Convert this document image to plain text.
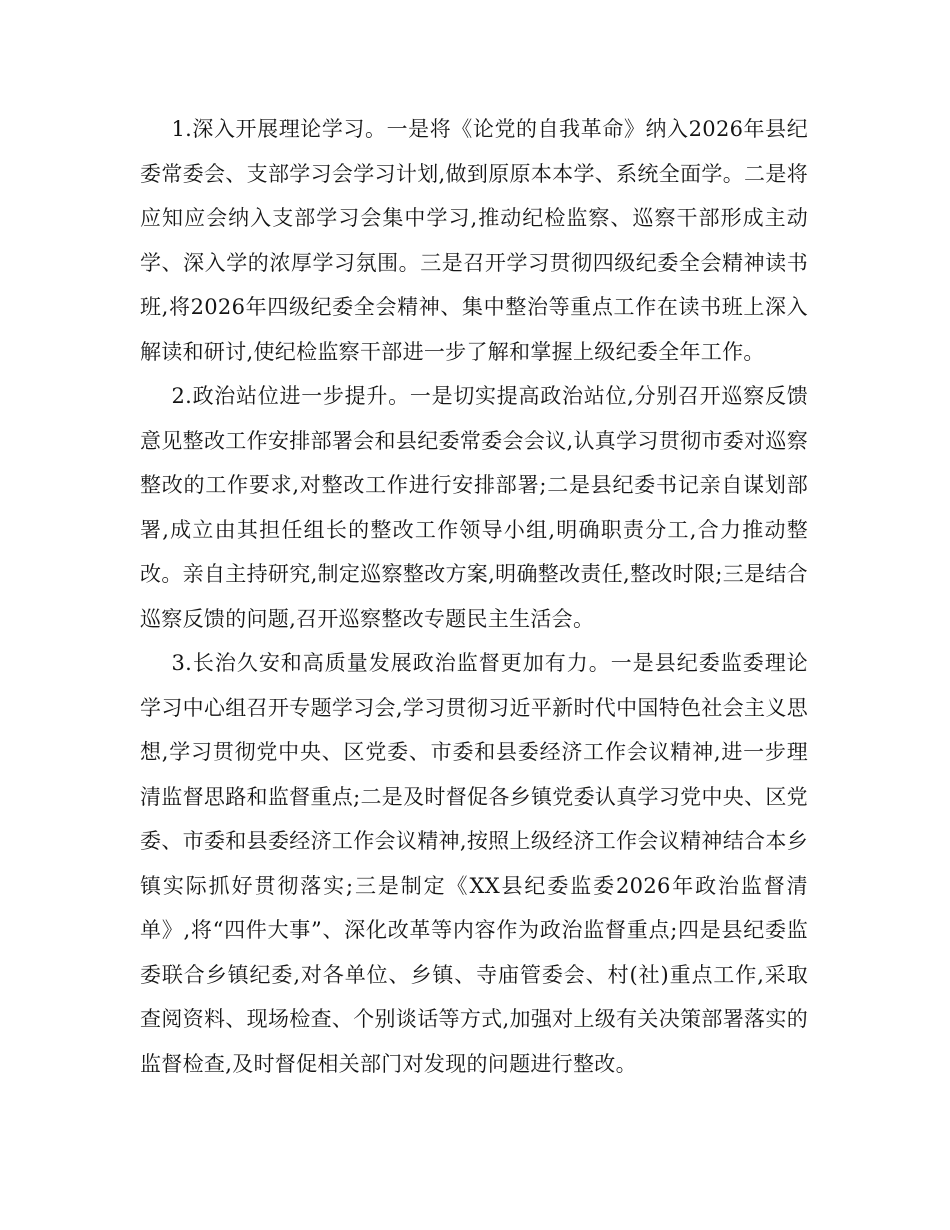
1.深入开展理论学习。一是将《论党的自我革命》纳入2026年县纪委常委会、支部学习会学习计划,做到原原本本学、系统全面学。二是将应知应会纳入支部学习会集中学习,推动纪检监察、巡察干部形成主动学、深入学的浓厚学习氛围。三是召开学习贯彻四级纪委全会精神读书班,将2026年四级纪委全会精神、集中整治等重点工作在读书班上深入解读和研讨,使纪检监察干部进一步了解和掌握上级纪委全年工作。

2.政治站位进一步提升。一是切实提高政治站位,分别召开巡察反馈意见整改工作安排部署会和县纪委常委会会议,认真学习贯彻市委对巡察整改的工作要求,对整改工作进行安排部署;二是县纪委书记亲自谋划部署,成立由其担任组长的整改工作领导小组,明确职责分工,合力推动整改。亲自主持研究,制定巡察整改方案,明确整改责任,整改时限;三是结合巡察反馈的问题,召开巡察整改专题民主生活会。

3.长治久安和高质量发展政治监督更加有力。一是县纪委监委理论学习中心组召开专题学习会,学习贯彻习近平新时代中国特色社会主义思想,学习贯彻党中央、区党委、市委和县委经济工作会议精神,进一步理清监督思路和监督重点;二是及时督促各乡镇党委认真学习党中央、区党委、市委和县委经济工作会议精神,按照上级经济工作会议精神结合本乡镇实际抓好贯彻落实;三是制定《XX县纪委监委2026年政治监督清单》,将“四件大事”、深化改革等内容作为政治监督重点;四是县纪委监委联合乡镇纪委,对各单位、乡镇、寺庙管委会、村(社)重点工作,采取查阅资料、现场检查、个别谈话等方式,加强对上级有关决策部署落实的监督检查,及时督促相关部门对发现的问题进行整改。
